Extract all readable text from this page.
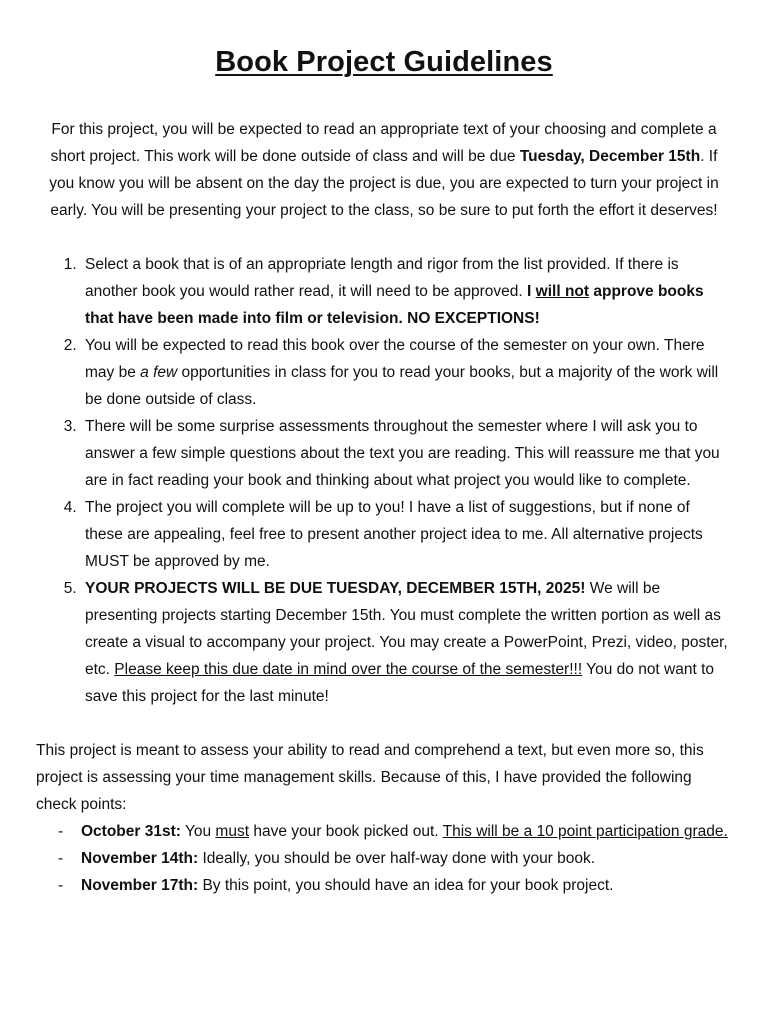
Book Project Guidelines

For this project, you will be expected to read an appropriate text of your choosing and complete a short project. This work will be done outside of class and will be due Tuesday, December 15th. If you know you will be absent on the day the project is due, you are expected to turn your project in early. You will be presenting your project to the class, so be sure to put forth the effort it deserves!

1. Select a book that is of an appropriate length and rigor from the list provided. If there is another book you would rather read, it will need to be approved. I will not approve books that have been made into film or television. NO EXCEPTIONS!
2. You will be expected to read this book over the course of the semester on your own. There may be a few opportunities in class for you to read your books, but a majority of the work will be done outside of class.
3. There will be some surprise assessments throughout the semester where I will ask you to answer a few simple questions about the text you are reading. This will reassure me that you are in fact reading your book and thinking about what project you would like to complete.
4. The project you will complete will be up to you! I have a list of suggestions, but if none of these are appealing, feel free to present another project idea to me. All alternative projects MUST be approved by me.
5. YOUR PROJECTS WILL BE DUE TUESDAY, DECEMBER 15TH, 2025! We will be presenting projects starting December 15th. You must complete the written portion as well as create a visual to accompany your project. You may create a PowerPoint, Prezi, video, poster, etc. Please keep this due date in mind over the course of the semester!!! You do not want to save this project for the last minute!

This project is meant to assess your ability to read and comprehend a text, but even more so, this project is assessing your time management skills. Because of this, I have provided the following check points:

- October 31st: You must have your book picked out. This will be a 10 point participation grade.
- November 14th: Ideally, you should be over half-way done with your book.
- November 17th: By this point, you should have an idea for your book project.
